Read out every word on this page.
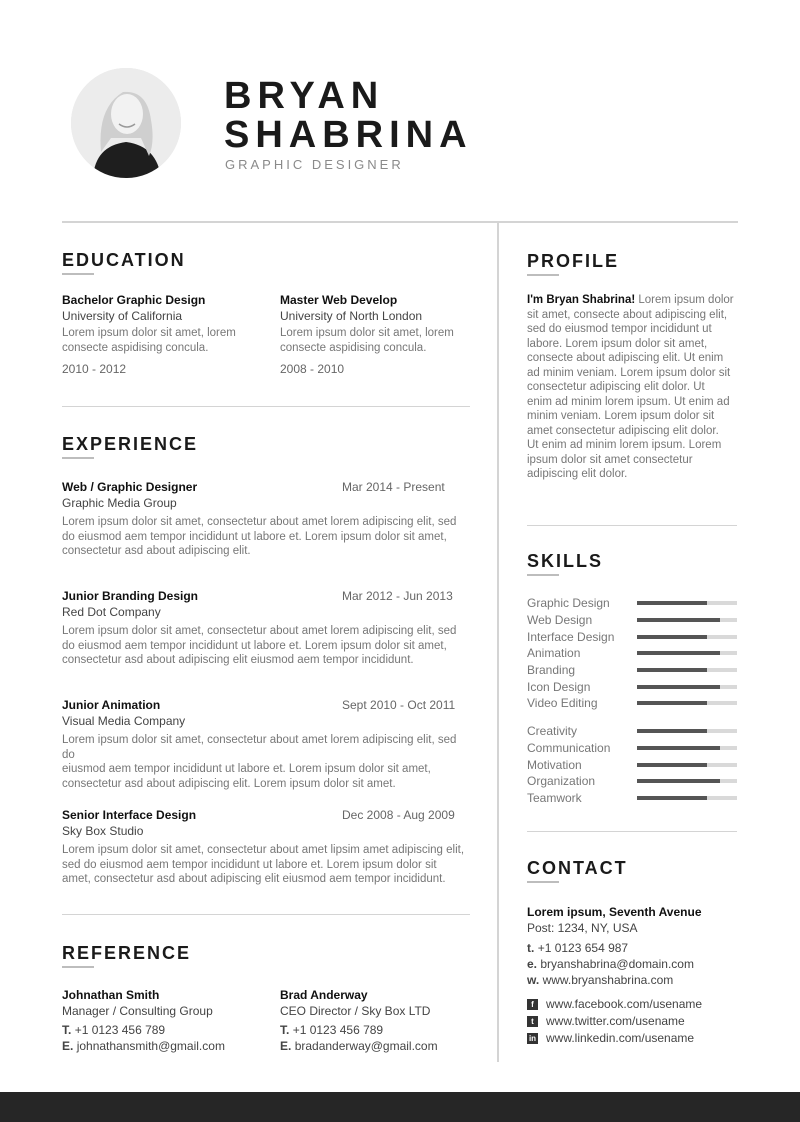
BRYAN
SHABRINA
GRAPHIC DESIGNER
EDUCATION
Bachelor Graphic Design
University of California
Lorem ipsum dolor sit amet, lorem
consecte aspidising concula.
2010 - 2012
Master Web Develop
University of North London
Lorem ipsum dolor sit amet, lorem
consecte aspidising concula.
2008 - 2010
EXPERIENCE
Web / Graphic Designer	Mar 2014 - Present
Graphic Media Group
Lorem ipsum dolor sit amet, consectetur about amet lorem adipiscing elit, sed
do eiusmod aem tempor incididunt ut labore et. Lorem ipsum dolor sit amet,
consectetur asd about adipiscing elit.
Junior Branding Design	Mar 2012 - Jun 2013
Red Dot Company
Lorem ipsum dolor sit amet, consectetur about amet lorem adipiscing elit, sed
do eiusmod aem tempor incididunt ut labore et. Lorem ipsum dolor sit amet,
consectetur asd about adipiscing elit eiusmod aem tempor incididunt.
Junior Animation	Sept 2010 - Oct 2011
Visual Media Company
Lorem ipsum dolor sit amet, consectetur about amet lorem adipiscing elit, sed do
eiusmod aem tempor incididunt ut labore et. Lorem ipsum dolor sit amet,
consectetur asd about adipiscing elit. Lorem ipsum dolor sit amet.
Senior Interface Design	Dec 2008 - Aug 2009
Sky Box Studio
Lorem ipsum dolor sit amet, consectetur about amet lipsim amet adipiscing elit,
sed do eiusmod aem tempor incididunt ut labore et. Lorem ipsum dolor sit
amet, consectetur asd about adipiscing elit eiusmod aem tempor incididunt.
REFERENCE
Johnathan Smith
Manager / Consulting Group
T. +1 0123 456 789
E. johnathansmith@gmail.com
Brad Anderway
CEO Director / Sky Box LTD
T. +1 0123 456 789
E. bradanderway@gmail.com
PROFILE
I'm Bryan Shabrina! Lorem ipsum dolor
sit amet, consecte about adipiscing elit,
sed do eiusmod tempor incididunt ut
labore. Lorem ipsum dolor sit amet,
consecte about adipiscing elit. Ut enim
ad minim veniam. Lorem ipsum dolor sit
consectetur adipiscing elit dolor. Ut
enim ad minim lorem ipsum. Ut enim ad
minim veniam. Lorem ipsum dolor sit
amet consectetur adipiscing elit dolor.
Ut enim ad minim lorem ipsum. Lorem
ipsum dolor sit amet consectetur
adipiscing elit dolor.
SKILLS
Graphic Design
Web Design
Interface Design
Animation
Branding
Icon Design
Video Editing
Creativity
Communication
Motivation
Organization
Teamwork
CONTACT
Lorem ipsum, Seventh Avenue
Post: 1234, NY, USA
t. +1 0123 654 987
e. bryanshabrina@domain.com
w. www.bryanshabrina.com
f	www.facebook.com/usename
t	www.twitter.com/usename
in www.linkedin.com/usename
